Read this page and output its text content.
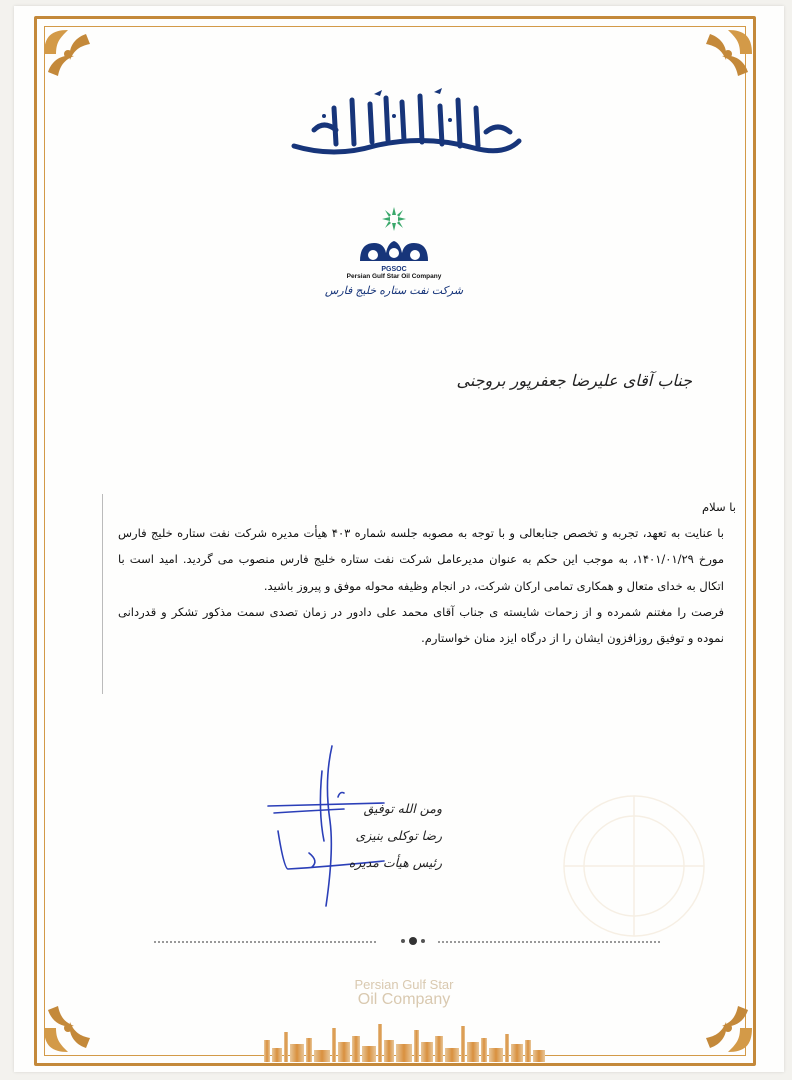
PGSOC
Persian Gulf Star Oil Company
شرکت نفت ستاره خلیج فارس
جناب آقای علیرضا جعفرپور بروجنی

با سلام

با عنایت به تعهد، تجربه و تخصص جنابعالی و با توجه به مصوبه جلسه شماره ۴۰۳ هیأت مدیره شرکت نفت ستاره خلیج فارس مورخ ۱۴۰۱/۰۱/۲۹، به موجب این حکم به عنوان مدیرعامل شرکت نفت ستاره خلیج فارس منصوب می گردید. امید است با اتکال به خدای متعال و همکاری تمامی ارکان شرکت، در انجام وظیفه محوله موفق و پیروز باشید.

فرصت را مغتنم شمرده و از زحمات شایسته ی جناب آقای محمد علی دادور در زمان تصدی سمت مذکور تشکر و قدردانی نموده و توفیق روزافزون ایشان را از درگاه ایزد منان خواستارم.

ومن الله توفیق
رضا توکلی بنیزی
رئیس هیأت مدیره
Persian Gulf Star
Oil Company
